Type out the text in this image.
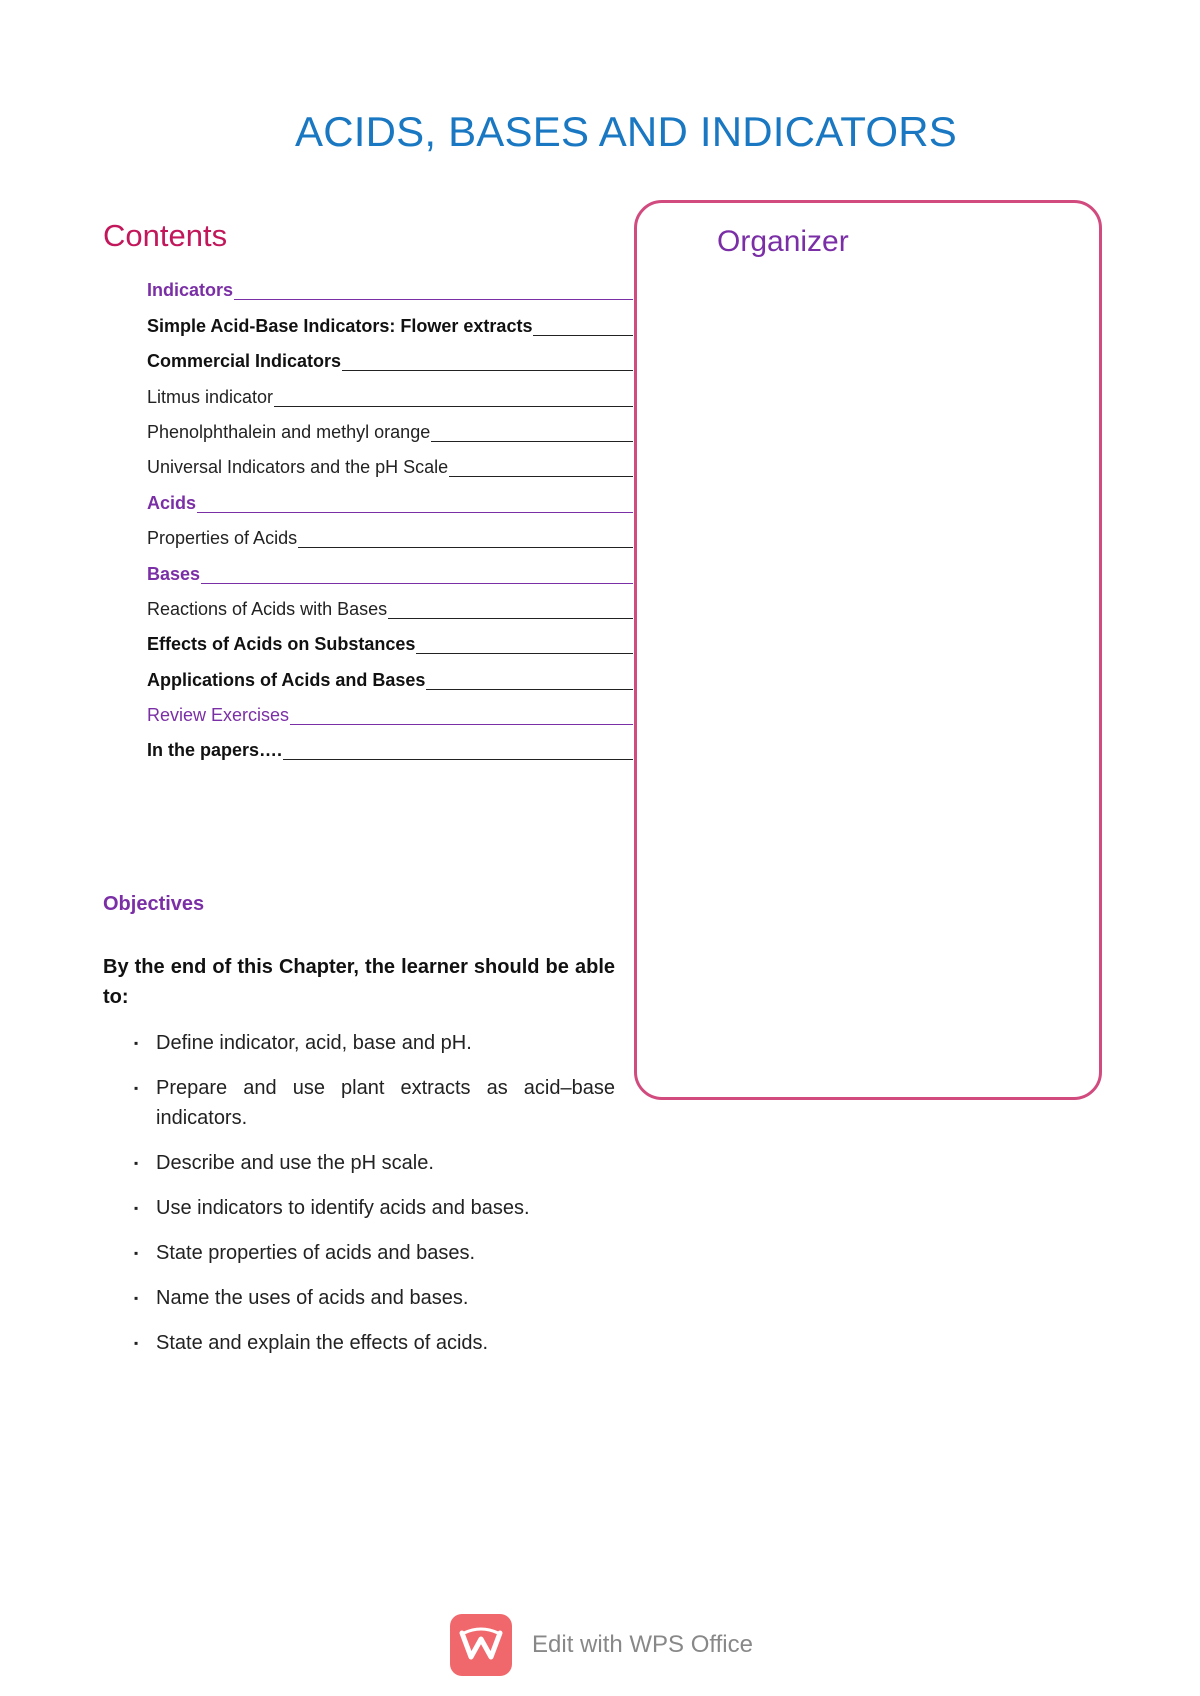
ACIDS, BASES AND INDICATORS
Contents
Indicators
Simple Acid-Base Indicators: Flower extracts
Commercial Indicators
Litmus indicator
Phenolphthalein and methyl orange
Universal Indicators and the pH Scale
Acids
Properties of Acids
Bases
Reactions of Acids with Bases
Effects of Acids on Substances
Applications of Acids and Bases
Review Exercises
In the papers….
Organizer
Objectives

By the end of this Chapter, the learner should be able to:

▪ Define indicator, acid, base and pH.
▪ Prepare and use plant extracts as acid–base indicators.
▪ Describe and use the pH scale.
▪ Use indicators to identify acids and bases.
▪ State properties of acids and bases.
▪ Name the uses of acids and bases.
▪ State and explain the effects of acids.
Edit with WPS Office
